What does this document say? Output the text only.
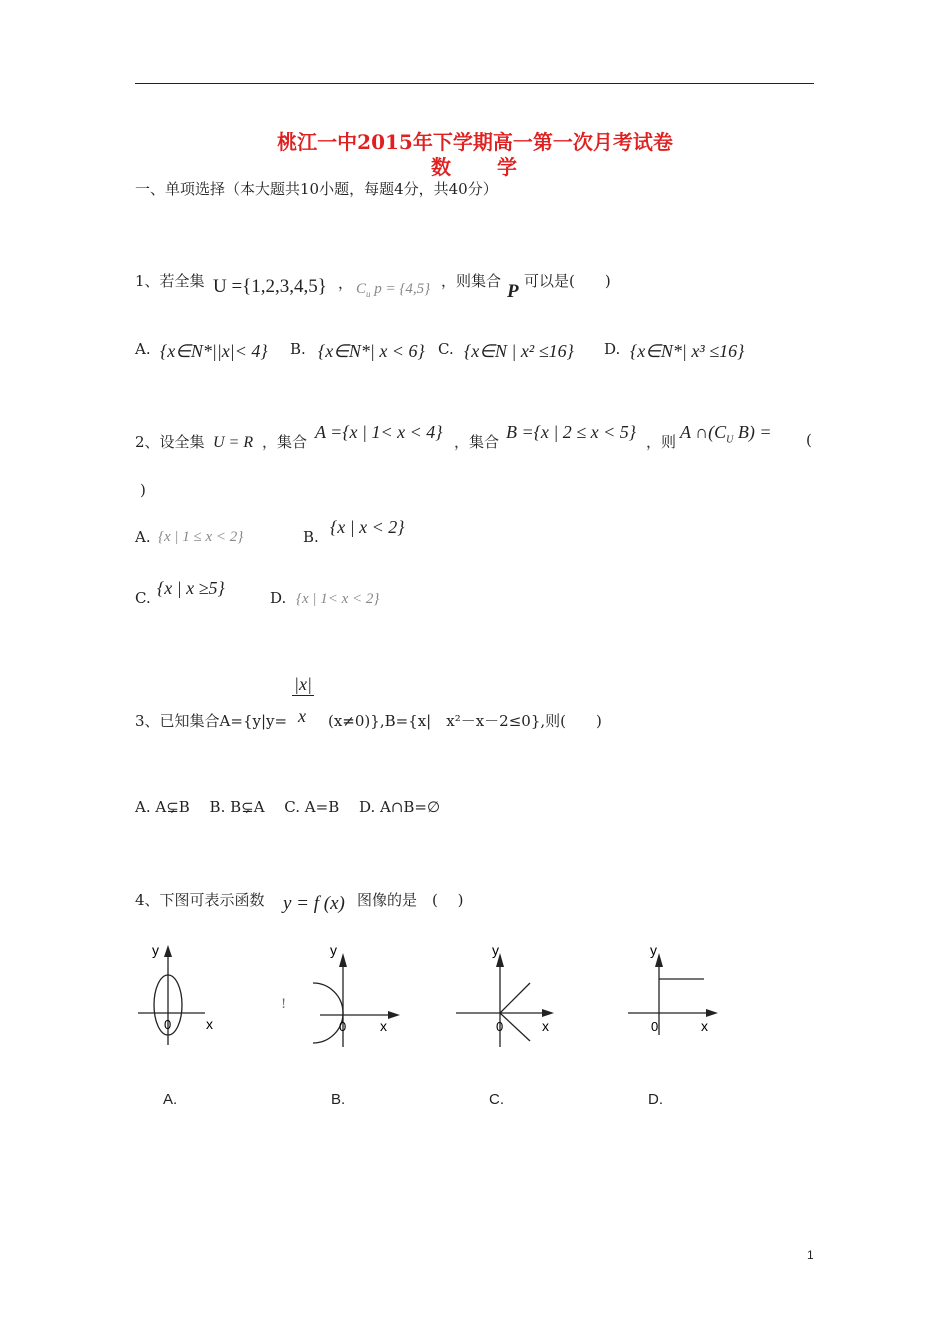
桃江一中2015年下学期高一第一次月考试卷
数　　学
一、单项选择（本大题共10小题，每题4分，共40分）
1、若全集 U ={1,2,3,4,5} ， $C_u$ p = {4,5} ，则集合 P 可以是(　　)
A. {x∈N*||x|< 4} B. {x∈N*| x < 6} C. {x∈N | x² ≤16} D. {x∈N*| x³ ≤16}
2、设全集 U = R ，集合 A ={x | 1< x < 4} ，集合 B ={x | 2 ≤ x < 5} ，则 A $\cap(C_U$ B) = (
)
A. {x | 1 ≤ x < 2}	B. {x | x < 2}
C. {x | x ≥5}	D. {x | 1< x < 2}
|x|
x
3、已知集合A={y|y=	(x≠0)},B={x|　x²－x－2≤0},则(　　)
A. A⊊B　 B. B⊊A　 C. A=B　 D. A∩B=∅
4、下图可表示函数 y = f (x) 图像的是　(　 )
!
y
0 x
y
0 x
y
0	x
y
0	x
A.	B.	C.	D.
1
